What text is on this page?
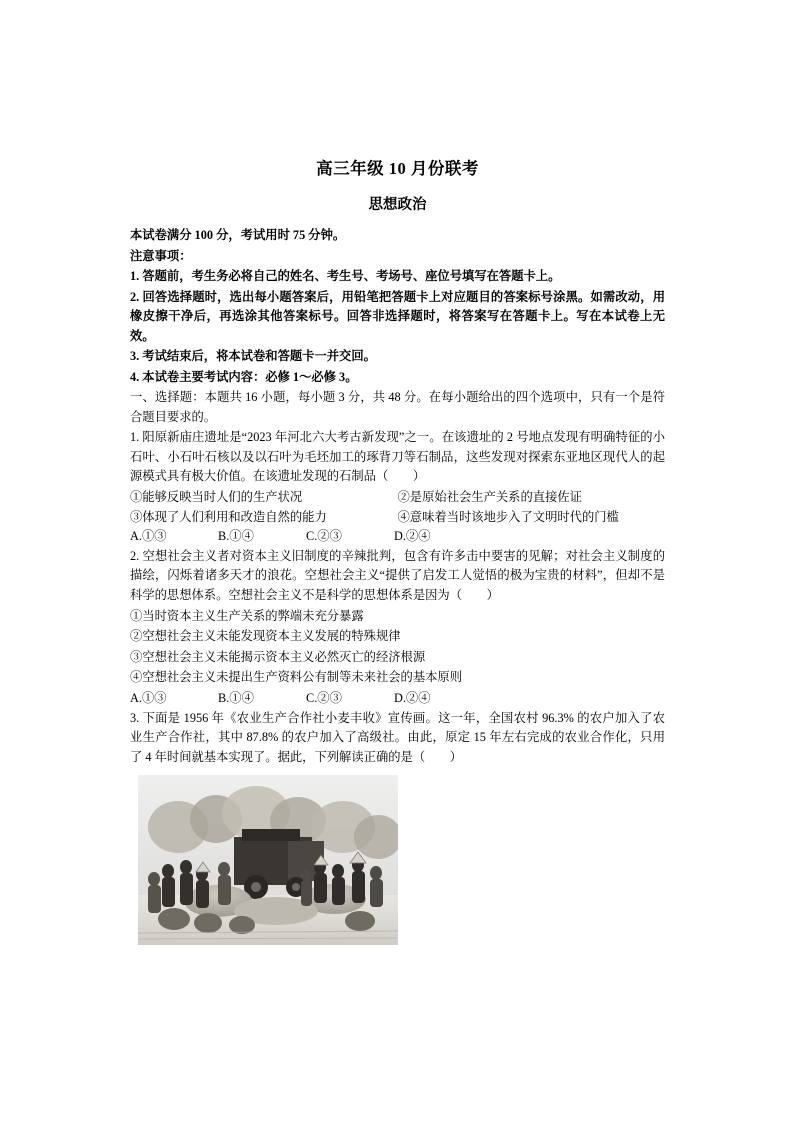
高三年级 10 月份联考
思想政治

本试卷满分 100 分，考试用时 75 分钟。

注意事项：

1. 答题前，考生务必将自己的姓名、考生号、考场号、座位号填写在答题卡上。

2. 回答选择题时，选出每小题答案后，用铅笔把答题卡上对应题目的答案标号涂黑。如需改动，用橡皮擦干净后，再选涂其他答案标号。回答非选择题时，将答案写在答题卡上。写在本试卷上无效。

3. 考试结束后，将本试卷和答题卡一并交回。

4. 本试卷主要考试内容：必修 1～必修 3。

一、选择题：本题共 16 小题，每小题 3 分，共 48 分。在每小题给出的四个选项中，只有一个是符合题目要求的。

1. 阳原新庙庄遗址是“2023 年河北六大考古新发现”之一。在该遗址的 2 号地点发现有明确特征的小石叶、小石叶石核以及以石叶为毛坯加工的琢背刀等石制品，这些发现对探索东亚地区现代人的起源模式具有极大价值。在该遗址发现的石制品（　　）

①能够反映当时人们的生产状况	②是原始社会生产关系的直接佐证
③体现了人们利用和改造自然的能力	④意味着当时该地步入了文明时代的门槛
A.①③	B.①④	C.②③	D.②④

2. 空想社会主义者对资本主义旧制度的辛辣批判，包含有许多击中要害的见解；对社会主义制度的描绘，闪烁着诸多天才的浪花。空想社会主义“提供了启发工人觉悟的极为宝贵的材料”，但却不是科学的思想体系。空想社会主义不是科学的思想体系是因为（　　）

①当时资本主义生产关系的弊端未充分暴露

②空想社会主义未能发现资本主义发展的特殊规律

③空想社会主义未能揭示资本主义必然灭亡的经济根源

④空想社会主义未提出生产资料公有制等未来社会的基本原则

A.①③	B.①④	C.②③	D.②④

3. 下面是 1956 年《农业生产合作社小麦丰收》宣传画。这一年，全国农村 96.3% 的农户加入了农业生产合作社，其中 87.8% 的农户加入了高级社。由此，原定 15 年左右完成的农业合作化，只用了 4 年时间就基本实现了。据此，下列解读正确的是（　　）
